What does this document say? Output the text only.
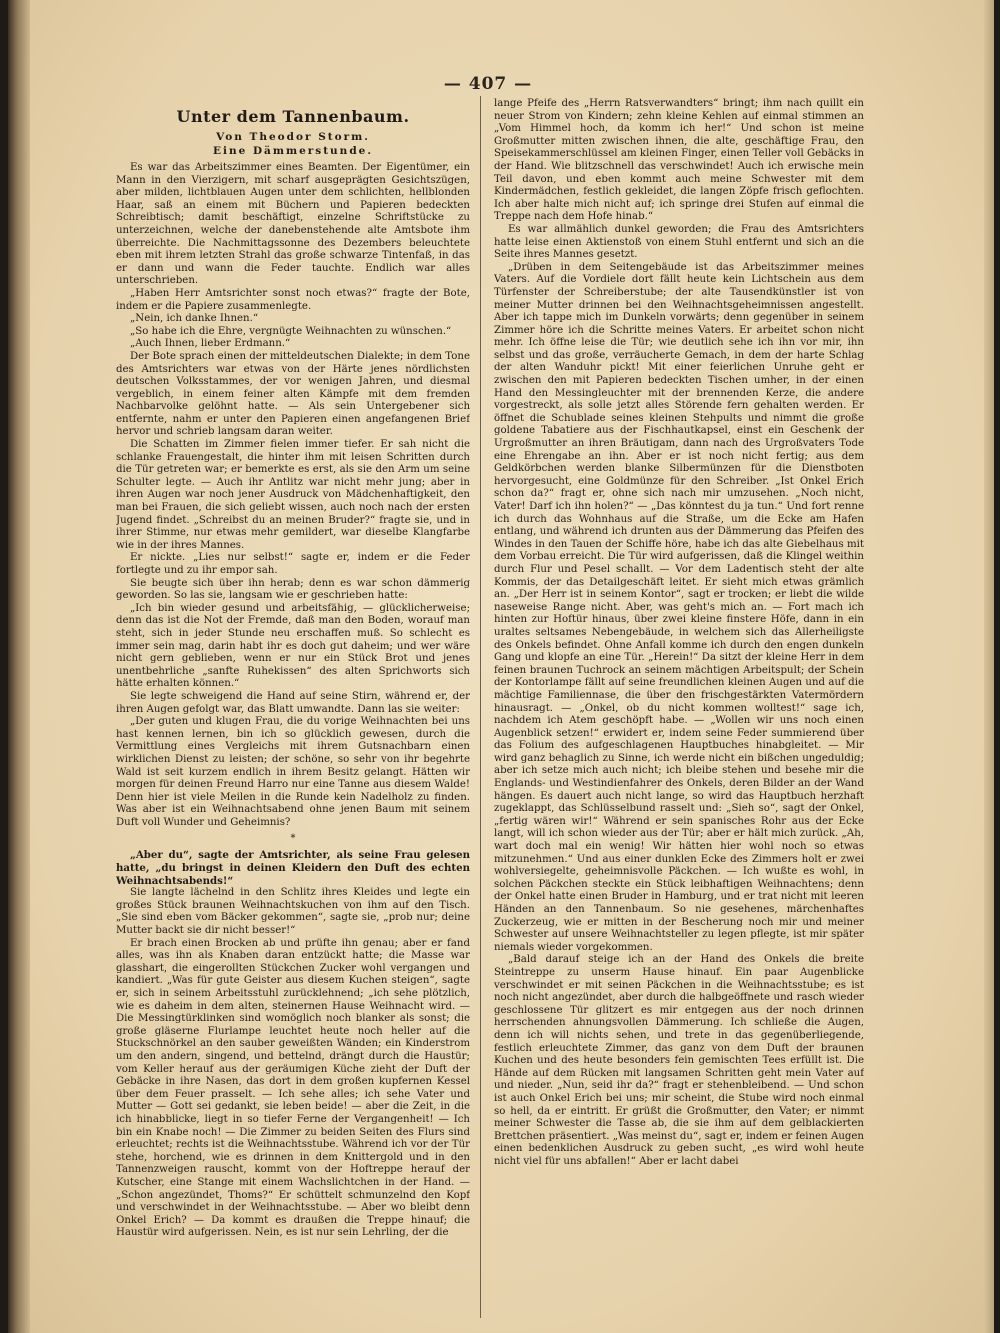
— 407 —
Unter dem Tannenbaum.
Von Theodor Storm.
Eine Dämmerstunde.

Es war das Arbeitszimmer eines Beamten. Der Eigentümer, ein Mann in den Vierzigern, mit scharf ausgeprägten Gesichtszügen, aber milden, lichtblauen Augen unter dem schlichten, hellblonden Haar, saß an einem mit Büchern und Papieren bedeckten Schreibtisch; damit beschäftigt, einzelne Schriftstücke zu unterzeichnen, welche der danebenstehende alte Amtsbote ihm überreichte. Die Nachmittagssonne des Dezembers beleuchtete eben mit ihrem letzten Strahl das große schwarze Tintenfaß, in das er dann und wann die Feder tauchte. Endlich war alles unterschrieben.

„Haben Herr Amtsrichter sonst noch etwas?“ fragte der Bote, indem er die Papiere zusammenlegte.

„Nein, ich danke Ihnen.“

„So habe ich die Ehre, vergnügte Weihnachten zu wünschen.“

„Auch Ihnen, lieber Erdmann.“

Der Bote sprach einen der mitteldeutschen Dialekte; in dem Tone des Amtsrichters war etwas von der Härte jenes nördlichsten deutschen Volksstammes, der vor wenigen Jahren, und diesmal vergeblich, in einem feiner alten Kämpfe mit dem fremden Nachbarvolke gelöhnt hatte. — Als sein Untergebener sich entfernte, nahm er unter den Papieren einen angefangenen Brief hervor und schrieb langsam daran weiter.

Die Schatten im Zimmer fielen immer tiefer. Er sah nicht die schlanke Frauengestalt, die hinter ihm mit leisen Schritten durch die Tür getreten war; er bemerkte es erst, als sie den Arm um seine Schulter legte. — Auch ihr Antlitz war nicht mehr jung; aber in ihren Augen war noch jener Ausdruck von Mädchenhaftigkeit, den man bei Frauen, die sich geliebt wissen, auch noch nach der ersten Jugend findet. „Schreibst du an meinen Bruder?“ fragte sie, und in ihrer Stimme, nur etwas mehr gemildert, war dieselbe Klangfarbe wie in der ihres Mannes.

Er nickte. „Lies nur selbst!“ sagte er, indem er die Feder fortlegte und zu ihr empor sah.

Sie beugte sich über ihn herab; denn es war schon dämmerig geworden. So las sie, langsam wie er geschrieben hatte:

„Ich bin wieder gesund und arbeitsfähig, — glücklicherweise; denn das ist die Not der Fremde, daß man den Boden, worauf man steht, sich in jeder Stunde neu erschaffen muß. So schlecht es immer sein mag, darin habt ihr es doch gut daheim; und wer wäre nicht gern geblieben, wenn er nur ein Stück Brot und jenes unentbehrliche „sanfte Ruhekissen“ des alten Sprichworts sich hätte erhalten können.“

Sie legte schweigend die Hand auf seine Stirn, während er, der ihren Augen gefolgt war, das Blatt umwandte. Dann las sie weiter:

„Der guten und klugen Frau, die du vorige Weihnachten bei uns hast kennen lernen, bin ich so glücklich gewesen, durch die Vermittlung eines Vergleichs mit ihrem Gutsnachbarn einen wirklichen Dienst zu leisten; der schöne, so sehr von ihr begehrte Wald ist seit kurzem endlich in ihrem Besitz gelangt. Hätten wir morgen für deinen Freund Harro nur eine Tanne aus diesem Walde! Denn hier ist viele Meilen in die Runde kein Nadelholz zu finden. Was aber ist ein Weihnachtsabend ohne jenen Baum mit seinem Duft voll Wunder und Geheimnis?

*

„Aber du“, sagte der Amtsrichter, als seine Frau gelesen hatte, „du bringst in deinen Kleidern den Duft des echten Weihnachtsabends!“

Sie langte lächelnd in den Schlitz ihres Kleides und legte ein großes Stück braunen Weihnachtskuchen von ihm auf den Tisch. „Sie sind eben vom Bäcker gekommen“, sagte sie, „prob nur; deine Mutter backt sie dir nicht besser!“

Er brach einen Brocken ab und prüfte ihn genau; aber er fand alles, was ihn als Knaben daran entzückt hatte; die Masse war glasshart, die eingerollten Stückchen Zucker wohl vergangen und kandiert. „Was für gute Geister aus diesem Kuchen steigen“, sagte er, sich in seinem Arbeitsstuhl zurücklehnend; „ich sehe plötzlich, wie es daheim in dem alten, steinernen Hause Weihnacht wird. — Die Messingtürklinken sind womöglich noch blanker als sonst; die große gläserne Flurlampe leuchtet heute noch heller auf die Stuckschnörkel an den sauber geweißten Wänden; ein Kinderstrom um den andern, singend, und bettelnd, drängt durch die Haustür; vom Keller herauf aus der geräumigen Küche zieht der Duft der Gebäcke in ihre Nasen, das dort in dem großen kupfernen Kessel über dem Feuer prasselt. — Ich sehe alles; ich sehe Vater und Mutter — Gott sei gedankt, sie leben beide! — aber die Zeit, in die ich hinabblicke, liegt in so tiefer Ferne der Vergangenheit! — Ich bin ein Knabe noch! — Die Zimmer zu beiden Seiten des Flurs sind erleuchtet; rechts ist die Weihnachtsstube. Während ich vor der Tür stehe, horchend, wie es drinnen in dem Knittergold und in den Tannenzweigen rauscht, kommt von der Hoftreppe herauf der Kutscher, eine Stange mit einem Wachslichtchen in der Hand. — „Schon angezündet, Thoms?“ Er schüttelt schmunzelnd den Kopf und verschwindet in der Weihnachtsstube. — Aber wo bleibt denn Onkel Erich? — Da kommt es draußen die Treppe hinauf; die Haustür wird aufgerissen. Nein, es ist nur sein Lehrling, der die

lange Pfeife des „Herrn Ratsverwandters“ bringt; ihm nach quillt ein neuer Strom von Kindern; zehn kleine Kehlen auf einmal stimmen an „Vom Himmel hoch, da komm ich her!“ Und schon ist meine Großmutter mitten zwischen ihnen, die alte, geschäftige Frau, den Speisekammerschlüssel am kleinen Finger, einen Teller voll Gebäcks in der Hand. Wie blitzschnell das verschwindet! Auch ich erwische mein Teil davon, und eben kommt auch meine Schwester mit dem Kindermädchen, festlich gekleidet, die langen Zöpfe frisch geflochten. Ich aber halte mich nicht auf; ich springe drei Stufen auf einmal die Treppe nach dem Hofe hinab.“

Es war allmählich dunkel geworden; die Frau des Amtsrichters hatte leise einen Aktienstoß von einem Stuhl entfernt und sich an die Seite ihres Mannes gesetzt.

„Drüben in dem Seitengebäude ist das Arbeitszimmer meines Vaters. Auf die Vordiele dort fällt heute kein Lichtschein aus dem Türfenster der Schreiberstube; der alte Tausendkünstler ist von meiner Mutter drinnen bei den Weihnachtsgeheimnissen angestellt. Aber ich tappe mich im Dunkeln vorwärts; denn gegenüber in seinem Zimmer höre ich die Schritte meines Vaters. Er arbeitet schon nicht mehr. Ich öffne leise die Tür; wie deutlich sehe ich ihn vor mir, ihn selbst und das große, verräucherte Gemach, in dem der harte Schlag der alten Wanduhr pickt! Mit einer feierlichen Unruhe geht er zwischen den mit Papieren bedeckten Tischen umher, in der einen Hand den Messingleuchter mit der brennenden Kerze, die andere vorgestreckt, als solle jetzt alles Störende fern gehalten werden. Er öffnet die Schublade seines kleinen Stehpults und nimmt die große goldene Tabatiere aus der Fischhautkapsel, einst ein Geschenk der Urgroßmutter an ihren Bräutigam, dann nach des Urgroßvaters Tode eine Ehrengabe an ihn. Aber er ist noch nicht fertig; aus dem Geldkörbchen werden blanke Silbermünzen für die Dienstboten hervorgesucht, eine Goldmünze für den Schreiber. „Ist Onkel Erich schon da?“ fragt er, ohne sich nach mir umzusehen. „Noch nicht, Vater! Darf ich ihn holen?“ — „Das könntest du ja tun.“ Und fort renne ich durch das Wohnhaus auf die Straße, um die Ecke am Hafen entlang, und während ich drunten aus der Dämmerung das Pfeifen des Windes in den Tauen der Schiffe höre, habe ich das alte Giebelhaus mit dem Vorbau erreicht. Die Tür wird aufgerissen, daß die Klingel weithin durch Flur und Pesel schallt. — Vor dem Ladentisch steht der alte Kommis, der das Detailgeschäft leitet. Er sieht mich etwas grämlich an. „Der Herr ist in seinem Kontor“, sagt er trocken; er liebt die wilde naseweise Range nicht. Aber, was geht's mich an. — Fort mach ich hinten zur Hoftür hinaus, über zwei kleine finstere Höfe, dann in ein uraltes seltsames Nebengebäude, in welchem sich das Allerheiligste des Onkels befindet. Ohne Anfall komme ich durch den engen dunkeln Gang und klopfe an eine Tür. „Herein!“ Da sitzt der kleine Herr in dem feinen braunen Tuchrock an seinem mächtigen Arbeitspult; der Schein der Kontorlampe fällt auf seine freundlichen kleinen Augen und auf die mächtige Familiennase, die über den frischgestärkten Vatermördern hinausragt. — „Onkel, ob du nicht kommen wolltest!“ sage ich, nachdem ich Atem geschöpft habe. — „Wollen wir uns noch einen Augenblick setzen!“ erwidert er, indem seine Feder summierend über das Folium des aufgeschlagenen Hauptbuches hinabgleitet. — Mir wird ganz behaglich zu Sinne, ich werde nicht ein bißchen ungeduldig; aber ich setze mich auch nicht; ich bleibe stehen und besehe mir die Englands- und Westindienfahrer des Onkels, deren Bilder an der Wand hängen. Es dauert auch nicht lange, so wird das Hauptbuch herzhaft zugeklappt, das Schlüsselbund rasselt und: „Sieh so“, sagt der Onkel, „fertig wären wir!“ Während er sein spanisches Rohr aus der Ecke langt, will ich schon wieder aus der Tür; aber er hält mich zurück. „Ah, wart doch mal ein wenig! Wir hätten hier wohl noch so etwas mitzunehmen.“ Und aus einer dunklen Ecke des Zimmers holt er zwei wohlversiegelte, geheimnisvolle Päckchen. — Ich wußte es wohl, in solchen Päckchen steckte ein Stück leibhaftigen Weihnachtens; denn der Onkel hatte einen Bruder in Hamburg, und er trat nicht mit leeren Händen an den Tannenbaum. So nie gesehenes, märchenhaftes Zuckerzeug, wie er mitten in der Bescherung noch mir und meiner Schwester auf unsere Weihnachtsteller zu legen pflegte, ist mir später niemals wieder vorgekommen.

„Bald darauf steige ich an der Hand des Onkels die breite Steintreppe zu unserm Hause hinauf. Ein paar Augenblicke verschwindet er mit seinen Päckchen in die Weihnachtsstube; es ist noch nicht angezündet, aber durch die halbgeöffnete und rasch wieder geschlossene Tür glitzert es mir entgegen aus der noch drinnen herrschenden ahnungsvollen Dämmerung. Ich schließe die Augen, denn ich will nichts sehen, und trete in das gegenüberliegende, festlich erleuchtete Zimmer, das ganz von dem Duft der braunen Kuchen und des heute besonders fein gemischten Tees erfüllt ist. Die Hände auf dem Rücken mit langsamen Schritten geht mein Vater auf und nieder. „Nun, seid ihr da?“ fragt er stehenbleibend. — Und schon ist auch Onkel Erich bei uns; mir scheint, die Stube wird noch einmal so hell, da er eintritt. Er grüßt die Großmutter, den Vater; er nimmt meiner Schwester die Tasse ab, die sie ihm auf dem gelblackierten Brettchen präsentiert. „Was meinst du“, sagt er, indem er feinen Augen einen bedenklichen Ausdruck zu geben sucht, „es wird wohl heute nicht viel für uns abfallen!“ Aber er lacht dabei
